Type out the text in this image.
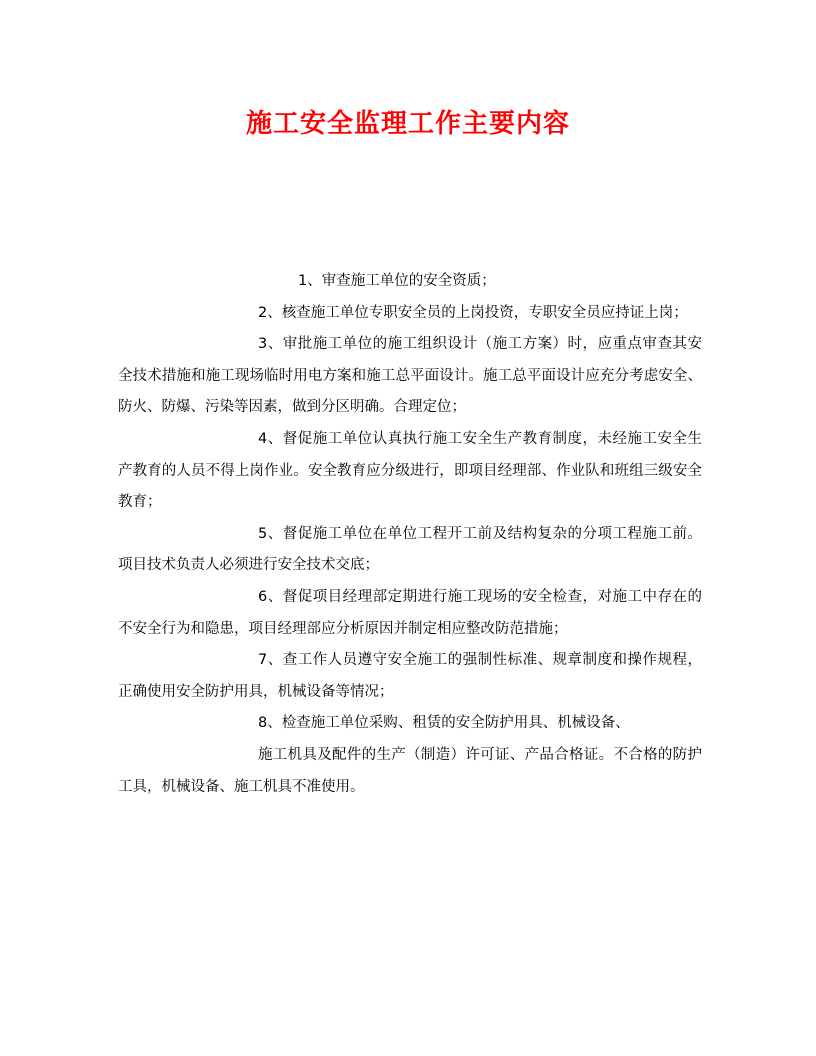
施工安全监理工作主要内容

1、审查施工单位的安全资质；

2、核查施工单位专职安全员的上岗投资，专职安全员应持证上岗；

3、审批施工单位的施工组织设计（施工方案）时，应重点审查其安全技术措施和施工现场临时用电方案和施工总平面设计。施工总平面设计应充分考虑安全、防火、防爆、污染等因素，做到分区明确。合理定位；

4、督促施工单位认真执行施工安全生产教育制度，未经施工安全生产教育的人员不得上岗作业。安全教育应分级进行，即项目经理部、作业队和班组三级安全教育；

5、督促施工单位在单位工程开工前及结构复杂的分项工程施工前。项目技术负责人必须进行安全技术交底；

6、督促项目经理部定期进行施工现场的安全检查，对施工中存在的不安全行为和隐患，项目经理部应分析原因并制定相应整改防范措施；

7、查工作人员遵守安全施工的强制性标准、规章制度和操作规程，正确使用安全防护用具，机械设备等情况；

8、检查施工单位采购、租赁的安全防护用具、机械设备、

施工机具及配件的生产（制造）许可证、产品合格证。不合格的防护工具，机械设备、施工机具不准使用。
